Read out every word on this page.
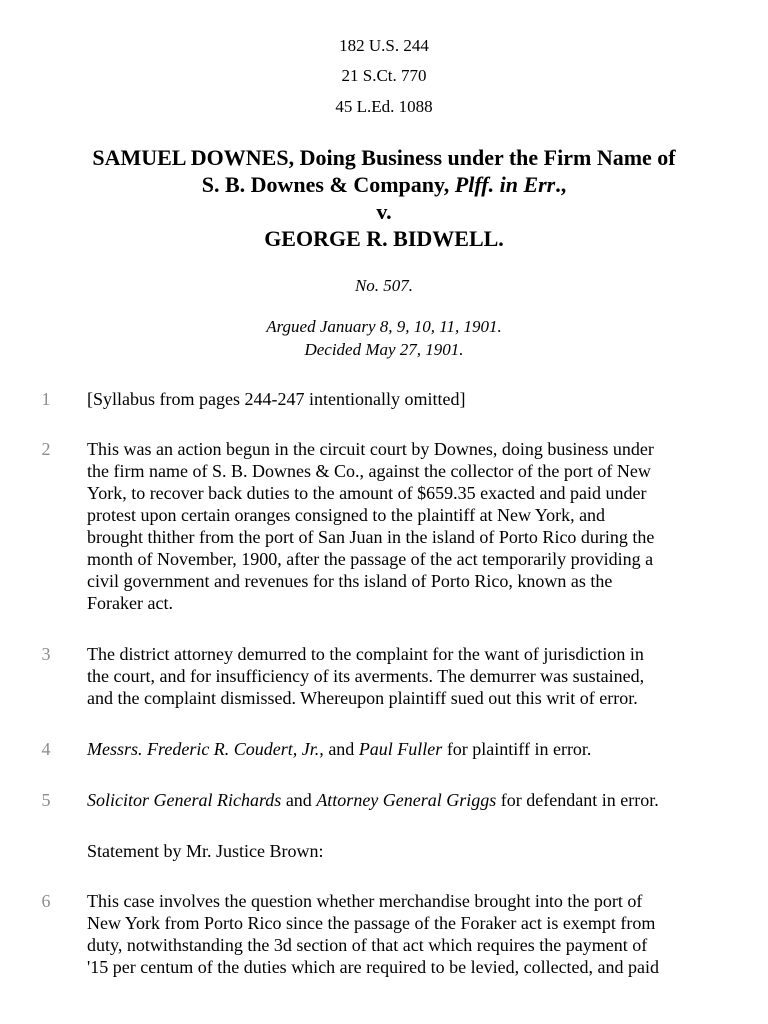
182 U.S. 244
21 S.Ct. 770
45 L.Ed. 1088
SAMUEL DOWNES, Doing Business under the Firm Name of
S. B. Downes & Company, Plff. in Err.,
v.
GEORGE R. BIDWELL.
No. 507.
Argued January 8, 9, 10, 11, 1901.
Decided May 27, 1901.
1	[Syllabus from pages 244-247 intentionally omitted]
2	This was an action begun in the circuit court by Downes, doing business under
the firm name of S. B. Downes & Co., against the collector of the port of New
York, to recover back duties to the amount of $659.35 exacted and paid under
protest upon certain oranges consigned to the plaintiff at New York, and
brought thither from the port of San Juan in the island of Porto Rico during the
month of November, 1900, after the passage of the act temporarily providing a
civil government and revenues for ths island of Porto Rico, known as the
Foraker act.
3	The district attorney demurred to the complaint for the want of jurisdiction in
the court, and for insufficiency of its averments. The demurrer was sustained,
and the complaint dismissed. Whereupon plaintiff sued out this writ of error.
4	Messrs. Frederic R. Coudert, Jr., and Paul Fuller for plaintiff in error.
5	Solicitor General Richards and Attorney General Griggs for defendant in error.
Statement by Mr. Justice Brown:
6	This case involves the question whether merchandise brought into the port of
New York from Porto Rico since the passage of the Foraker act is exempt from
duty, notwithstanding the 3d section of that act which requires the payment of
'15 per centum of the duties which are required to be levied, collected, and paid
